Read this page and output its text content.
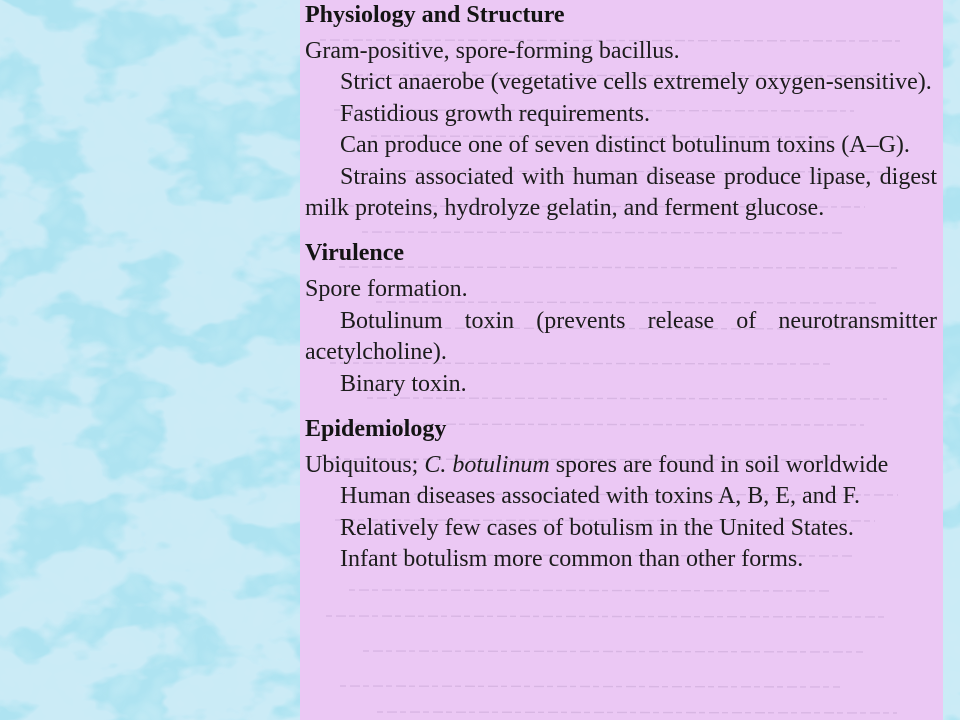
Physiology and Structure

Gram-positive, spore-forming bacillus.

Strict anaerobe (vegetative cells extremely oxygen-sensitive).

Fastidious growth requirements.

Can produce one of seven distinct botulinum toxins (A–G).

Strains associated with human disease produce lipase, digest milk proteins, hydrolyze gelatin, and ferment glucose.

Virulence

Spore formation.

Botulinum toxin (prevents release of neurotransmitter acetylcholine).

Binary toxin.

Epidemiology

Ubiquitous; C. botulinum spores are found in soil worldwide

Human diseases associated with toxins A, B, E, and F.

Relatively few cases of botulism in the United States.

Infant botulism more common than other forms.
